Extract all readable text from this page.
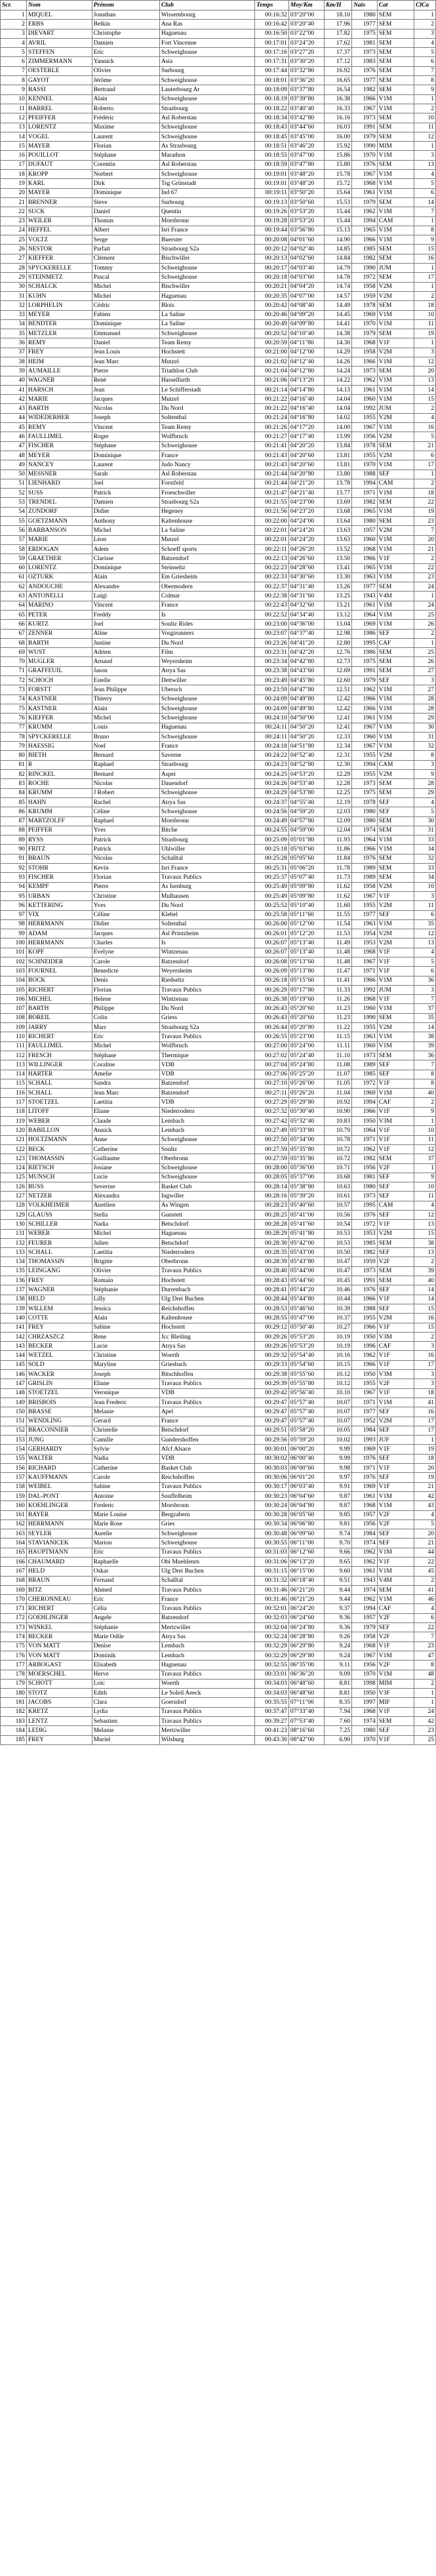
Scr.	Nom	Prénom	Club	Temps	Moy/Km	Km/H	Nais	Cat	ClCa
1	MIQUEL	Jonathan	Wissembourg	00:16:32	03°20"00	18.10	1980	SEM	1
2	ERBS	Belkin	Ana Ras	00:16:42	03°20"40	17.96	1977	SEM	2
3	DIEVART	Christophe	Haguenau	00:16:50	03°22"00	17.82	1975	SEM	3
4	AVRIL	Damien	Fort Vincenne	00:17:01	03°24"20	17.62	1981	SEM	4
5	STEFFEN	Eric	Schweighouse	00:17:16	03°27"20	17.37	1973	SEM	5
6	ZIMMERMANN	Yannick	Asia	00:17:31	03°30"20	17.12	1983	SEM	6
7	OESTERLE	Olivier	Surbourg	00:17:44	03°32"80	16.92	1976	SEM	7
8	GAYOT	Jérôme	Schweighouse	00:18:01	03°36"20	16.65	1977	SEM	8
9	BASSI	Bertrand	Lauterbourg Ar	00:18:09	03°37"80	16.54	1982	SEM	9
10	KENNEL	Alain	Schweighouse	00:18:19	03°39"80	16.38	1966	V1M	1
11	BARREL	Roberto	Strasbourg	00:18:22	03°40"40	16.33	1967	V1M	2
12	PFEIFFER	Frédéric	Asl Roberstau	00:18:34	03°42"80	16.16	1973	SEM	10
13	LORENTZ	Maxime	Schweighouse	00:18:43	03°44"60	16.03	1991	SEM	11
14	VOGEL	Laurent	Schweighouse	00:18:45	03°45"00	16.00	1979	SEM	12
15	MAYER	Florian	As Strasbourg	00:18:51	03°46"20	15.92	1990	MIM	1
16	POUILLOT	Stéphane	Marathon	00:18:55	03°47"00	15.86	1970	V1M	3
17	DUFAUT	Corentin	Asl Roberstau	00:18:59	03°47"80	15.80	1976	SEM	13
18	KROPP	Norbert	Schweighouse	00:19:01	03°48"20	15.78	1967	V1M	4
19	KARL	Dirk	Tsg Grünstadt	00:19:01	03°48"20	15.72	1968	V1M	5
20	MAYER	Dominique	Ind 67	00:19:11	03°50"20	15.64	1961	V1M	6
21	BRENNER	Steve	Surbourg	00:19:13	03°50"60	15.53	1979	SEM	14
22	SUCK	Daniel	Quentin	00:19:26	03°53"20	15.44	1962	V1M	7
23	WEILER	Thomas	Morsbronn	00:19:28	03°53"20	15.44	1994	CAM	1
24	HEFFEL	Albert	Isri France	00:19:44	03°56"80	15.13	1965	V1M	8
25	VOLTZ	Serge	Buerster	00:20:08	04°01"60	14.90	1966	V1M	9
26	NESTOR	Parfait	Strasbourg S2a	00:20:12	04°02"40	14.85	1985	SEM	15
27	KIEFFER	Clément	Bischwiller	00:20:13	04°02"60	14.84	1982	SEM	16
28	SPYCKERELLE	Tommy	Schweighouse	00:20:17	04°03"40	14.79	1990	JUM	1
29	STEINMETZ	Pascal	Schweighouse	00:20:18	04°03"60	14.78	1972	SEM	17
30	SCHALCK	Michel	Bischwiller	00:20:21	04°04"20	14.74	1958	V2M	1
31	KUHN	Michel	Haguenau	00:20:35	04°07"00	14.57	1959	V2M	2
32	LORPHELIN	Cédric	Blois	00:20:42	04°08"40	14.49	1978	SEM	18
33	MEYER	Fabien	La Saline	00:20:46	04°09"20	14.45	1969	V1M	10
34	BENDTER	Dominique	La Saline	00:20:49	04°09"80	14.41	1970	V1M	11
35	METZLER	Emmanuel	Schweighouse	00:20:52	04°10"40	14.38	1979	SEM	19
36	REMY	Daniel	Team Remy	00:20:59	04°11"80	14.30	1968	V1F	1
37	FREY	Jean Louis	Hochstett	00:21:00	04°12"00	14.29	1958	V2M	3
38	HEIM	Jean Marc	Mutzel	00:21:02	04°12"40	14.26	1966	V1M	12
39	AUMAILLE	Pierre	Triathlon Club	00:21:04	04°12"80	14.24	1973	SEM	20
40	WAGNER	René	Hasselfurth	00:21:06	04°13"20	14.22	1962	V1M	13
41	HARSCH	Jean	Le Schifferstadt	00:21:14	04°14"80	14.13	1961	V1M	14
42	MARIE	Jacques	Mutzel	00:21:22	04°16"40	14.04	1960	V1M	15
43	BARTH	Nicolas	Du Nord	00:21:22	04°16"40	14.04	1992	JUM	2
44	WIDEDERHER	Joseph	Soltenthal	00:21:24	04°16"80	14.02	1955	V2M	4
45	REMY	Vincent	Team Remy	00:21:26	04°17"20	14.00	1967	V1M	16
46	FAULLIMEL	Roger	Wolfbruch	00:21:27	04°17"40	13.99	1956	V2M	5
47	FISCHER	Stéphane	Schweighouse	00:21:41	04°20"20	13.84	1978	SEM	21
48	MEYER	Dominique	France	00:21:43	04°20"60	13.81	1955	V2M	6
49	NANCEY	Laurent	Judo Nancy	00:21:43	04°20"60	13.81	1970	V1M	17
50	MESSNER	Sarah	Asl Roberstau	00:21:44	04°20"80	13.80	1988	SEF	1
51	LIENHARD	Joel	Forstfeld	00:21:44	04°21"20	13.78	1994	CAM	2
52	SUSS	Patrick	Froeschwiller	00:21:47	04°21"40	13.77	1971	V1M	18
53	TRENDEL	Damien	Strasbourg S2a	00:21:55	04°23"00	13.69	1982	SEM	22
54	ZUNDORF	Didier	Hegeney	00:21:56	04°23"20	13.68	1965	V1M	19
55	GOETZMANN	Anthony	Kaltenhouse	00:22:00	04°24"00	13.64	1980	SEM	23
56	BARBANSON	Michel	La Saline	00:22:01	04°24"20	13.63	1957	V2M	7
57	MARIE	Léon	Mutzel	00:22:01	04°24"20	13.63	1960	V1M	20
58	ERDOGAN	Adem	Schoeff sports	00:22:11	04°26"20	13.52	1968	V1M	21
59	GRAETHER	Clarisse	Batzendorf	00:22:13	04°26"60	13.50	1966	V1F	2
60	LORENTZ	Dominique	Steinseltz	00:22:23	04°28"60	13.41	1965	V1M	22
61	OZTURK	Alain	Em Griesheim	00:22:33	04°30"60	13.30	1963	V1M	23
62	ANDOUCHE	Alexandre	Obermodern	00:22:37	04°31"40	13.26	1977	SEM	24
63	ANTONELLI	Luigi	Colmar	00:22:38	04°31"60	13.25	1943	V4M	1
64	MARINO	Vincent	France	00:22:43	04°32"60	13.21	1961	V1M	24
65	PETER	Freddy	Is	00:22:52	04°34"40	13.12	1964	V1M	25
66	KURTZ	Joel	Soultz Rides	00:23:00	04°36"00	13.04	1969	V1M	26
67	ZENNER	Aline	Vosgirunners	00:23:07	04°37"40	12.98	1986	SEF	2
68	BARTH	Justine	Du Nord	00:23:26	04°41"20	12.80	1995	CAF	1
69	WUST	Adrien	Film	00:23:31	04°42"20	12.76	1986	SEM	25
70	MUGLER	Arnaud	Weyersheim	00:23:34	04°42"80	12.73	1975	SEM	26
71	GRAFFEUIL	Jason	Atrya Sas	00:23:38	04°43"60	12.69	1991	SEM	27
72	SCHOCH	Estelle	Dettwiller	00:23:49	04°45"80	12.60	1979	SEF	3
73	FORSTT	Jean Philippe	Ubersch	00:23:59	04°47"80	12.51	1962	V1M	27
74	KASTNER	Thierry	Schweighouse	00:24:09	04°49"80	12.42	1966	V1M	28
75	KASTNER	Alain	Schweighouse	00:24:09	04°49"80	12.42	1966	V1M	28
76	KIEFFER	Michel	Schweighouse	00:24:10	04°50"00	12.41	1961	V1M	29
77	KRUMM	Louis	Haguenau	00:24:11	04°50"20	12.41	1967	V1M	30
78	SPYCKERELLE	Bruno	Schweighouse	00:24:11	04°50"20	12.33	1960	V1M	31
79	HAESSIG	Noel	France	00:24:18	04°51"80	12.34	1967	V1M	32
80	BIETH	Bernard	Saverne	00:24:22	04°52"40	12.31	1955	V2M	8
81	R	Raphael	Strasbourg	00:24:23	04°52"80	12.30	1994	CAM	3
82	RINCKEL	Bernard	Aspei	00:24:25	04°53"20	12.29	1955	V2M	9
83	ROCHE	Nicolas	Dauendorf	00:24:26	04°53"40	12.28	1973	SEM	28
84	KRUMM	J Robert	Schweighouse	00:24:29	04°53"80	12.25	1975	SEM	29
85	HAHN	Rachel	Atrya Sas	00:24:37	04°55"40	12.19	1978	SEF	4
86	KRUMM	Céline	Schweighouse	00:24:56	04°59"20	12.03	1980	SEF	5
87	MARTZOLFF	Raphael	Morsbronn	00:24:49	04°57"80	12.09	1980	SEM	30
88	PEIFFER	Yves	Bitche	00:24:55	04°59"00	12.04	1974	SEM	31
89	RYSS	Patrick	Strasbourg	00:25:09	05°01"80	11.93	1964	V1M	33
90	FRITZ	Patrick	Uhlwiller	00:25:18	05°03"60	11.86	1966	V1M	34
91	BRAUN	Nicolas	Schalltal	00:25:28	05°05"60	11.84	1976	SEM	32
92	STOHR	Kevin	Isri France	00:25:31	05°06"20	11.78	1989	SEM	33
93	FISCHER	Florian	Travaux Publics	00:25:37	05°07"40	11.73	1989	SEM	34
94	KEMPF	Pierre	As Isenburg	00:25:49	05°09"80	11.62	1958	V2M	10
95	URBAN	Christine	Mulhausen	00:25:49	05°09"80	11.62	1967	V1F	3
96	KETTERING	Yves	Du Nord	00:25:52	05°10"40	11.60	1955	V2M	11
97	VIX	Céline	Klebel	00:25:58	05°11"60	11.55	1977	SEF	6
98	HERRMANN	Didier	Soltenthal	00:26:00	05°12"00	11.54	1963	V1M	35
99	ADAM	Jacques	Asl Printzheim	00:26:01	05°12"20	11.53	1954	V2M	12
100	HERRMANN	Charles	Is	00:26:07	05°13"40	11.49	1953	V2M	13
101	KOPF	Evelyne	Wintzenau	00:26:07	05°13"40	11.48	1968	V1F	4
102	SCHNEIDER	Carole	Batzendorf	00:26:08	05°13"60	11.48	1967	V1F	5
103	FOURNEL	Benedicte	Weyersheim	00:26:09	05°13"80	11.47	1971	V1F	6
104	BOCK	Denis	Riedseltz	00:26:18	05°15"60	11.41	1966	V1M	36
105	RICHERT	Florian	Travaux Publics	00:26:29	05°17"80	11.33	1992	JUM	3
106	MICHEL	Helene	Wintzenau	00:26:38	05°19"60	11.26	1968	V1F	7
107	BARTH	Philippe	Du Nord	00:26:43	05°20"60	11.23	1960	V1M	37
108	BOREIL	Colin	Griess	00:26:43	05°20"60	11.23	1990	SEM	35
109	JARRY	Marc	Strasbourg S2a	00:26:44	05°20"80	11.22	1955	V2M	14
110	RICHERT	Eric	Travaux Publics	00:26:55	05°23"00	11.15	1963	V1M	38
111	FAULLIMEL	Michel	Wolfbruch	00:27:00	05°24"00	11.11	1960	V1M	39
112	FRESCH	Stéphane	Thermique	00:27:02	05°24"40	11.10	1973	SEM	36
113	WILLINGER	Coraline	VDB	00:27:04	05°24"80	11.08	1989	SEF	7
114	HARTER	Amelie	VDB	00:27:06	05°25"20	11.07	1985	SEF	8
115	SCHALL	Sandra	Batzendorf	00:27:10	05°26"00	11.05	1972	V1F	8
116	SCHALL	Jean Marc	Batzendorf	00:27:11	05°26"20	11.04	1969	V1M	40
117	STOETZEL	Laetitia	VDB	00:27:29	05°29"80	10.92	1994	CAF	2
118	LITOFF	Eliane	Niederrodern	00:27:32	05°30"40	10.90	1966	V1F	9
119	WEBER	Claude	Lembach	00:27:42	05°32"40	10.83	1950	V3M	1
120	BABILLON	Annick	Lembach	00:27:49	05°33"80	10.79	1964	V1F	10
121	HOLTZMANN	Anne	Schweighouse	00:27:50	05°34"00	10.78	1971	V1F	11
122	BECK	Catherine	Soultz	00:27:59	05°35"80	10.72	1962	V1F	12
123	THOMASSIN	Guillaume	Oberbronn	00:27:59	05°35"80	10.72	1982	SEM	37
124	RIETSCH	Josiane	Schweighouse	00:28:00	05°36"00	10.71	1956	V2F	1
125	MUNSCH	Lucie	Schweighouse	00:28:05	05°37"00	10.68	1981	SEF	9
126	BUSS	Severine	Basket Club	00:28:14	05°38"80	10.63	1980	SEF	10
127	NETZER	Alexandra	Ingwiller	00:28:16	05°39"20	10.61	1973	SEF	11
128	VOLKHEIMER	Aurélien	As Wingen	00:28:23	05°40"60	10.57	1995	CAM	4
129	GLAUSS	Stella	Gunstett	00:28:25	05°41"00	10.56	1976	SEF	12
130	SCHILLER	Nadia	Betschdorf	00:28:28	05°41"60	10.54	1972	V1F	13
131	WEBER	Michel	Haguenau	00:28:29	05°41"80	10.53	1953	V2M	15
132	FEURER	Julien	Betschdorf	00:28:30	05°42"00	10.53	1985	SEM	38
133	SCHALL	Laetitia	Niederrodern	00:28:35	05°43"00	10.50	1982	SEF	13
134	THOMASSIN	Brigitte	Oberbronn	00:28:39	05°43"80	10.47	1959	V2F	2
135	LEINGANG	Olivier	Travaux Publics	00:28:40	05°44"00	10.47	1973	SEM	39
136	FREY	Romain	Hochstett	00:28:43	05°44"60	10.45	1991	SEM	40
137	WAGNER	Stéphanie	Durrenbach	00:28:41	05°44"20	10.46	1976	SEF	14
138	HELD	Lilly	Ulg Drei Buchen	00:28:44	05°44"80	10.44	1966	V1F	14
139	WILLEM	Jessica	Reichshoffen	00:28:53	05°46"60	10.39	1988	SEF	15
140	COTTE	Alain	Kaltenhouse	00:28:55	05°47"00	10.37	1955	V2M	16
141	FREY	Sabine	Hochstett	00:29:12	05°50"40	10.27	1966	V1F	15
142	CHRZASZCZ	Rene	Jcc Bleiling	00:29:26	05°53"20	10.19	1950	V3M	2
143	BECKER	Lucie	Atrya Sas	00:29:26	05°53"20	10.19	1996	CAF	3
144	WETZEL	Christine	Woerth	00:29:32	05°54"40	10.16	1962	V1F	16
145	SOLD	Maryline	Griesbach	00:29:33	05°54"60	10.15	1966	V1F	17
146	WACKER	Joseph	Bitschhoffen	00:29:38	05°55"60	10.12	1950	V3M	3
147	GRISLIN	Eliane	Travaux Publics	00:29:39	05°55"80	10.12	1955	V2F	3
148	STOETZEL	Veronique	VDB	00:29:42	05°56"40	10.10	1967	V1F	18
149	BRISBOIS	Jean Frederic	Travaux Publics	00:29:47	05°57"40	10.07	1971	V1M	41
150	BRASSE	Melanie	Apel	00:29:47	05°57"40	10.07	1977	SEF	16
151	WENDLING	Gerard	France	00:29:47	05°57"40	10.07	1952	V2M	17
152	BRACONNIER	Christelle	Betschdorf	00:29:51	05°58"20	10.05	1984	SEF	17
153	JUNG	Camille	Gundershoffen	00:29:56	05°59"20	10.02	1993	JUF	1
154	GERHARDY	Sylvie	Afcf Alsace	00:30:01	06°00"20	9.99	1969	V1F	19
155	WALTER	Nadia	VDB	00:30:02	06°00"40	9.99	1976	SEF	18
156	RICHARD	Catherine	Basket Club	00:30:03	06°00"60	9.98	1971	V1F	20
157	KAUFFMANN	Carole	Reichshoffen	00:30:06	06°01"20	9.97	1976	SEF	19
158	WEIBEL	Sabine	Travaux Publics	00:30:17	06°03"40	9.91	1969	V1F	21
159	DAL-PONT	Antoine	Souffelheim	00:30:23	06°04"60	9.87	1961	V1M	42
160	KOEHLINGER	Frederic	Morsbronn	00:30:24	06°04"80	9.87	1968	V1M	43
161	BAYER	Marie Louise	Bergzabern	00:30:28	06°05"60	9.85	1957	V2F	4
162	HERRMANN	Marie Rose	Gries	00:30:34	06°06"80	9.81	1956	V2F	5
163	SEYLER	Aurelie	Schweighouse	00:30:48	06°09"60	9.74	1984	SEF	20
164	STAVIANICEK	Marion	Schweighouse	00:30:55	06°11"00	9.70	1974	SEF	21
165	HAUPTMANN	Eric	Travaux Publics	00:31:03	06°12"60	9.66	1962	V1M	44
166	CHAUMARD	Raphaelle	Obi Muehlenrn	00:31:06	06°13"20	9.65	1962	V1F	22
167	HELD	Oskar	Ulg Drei Buchen	00:31:15	06°15"00	9.60	1961	V1M	45
168	BRAUN	Fernand	Schalltal	00:31:32	06°18"40	9.51	1943	V4M	2
169	BITZ	Ahmed	Travaux Publics	00:31:46	06°21"20	9.44	1974	SEM	41
170	CHERONNEAU	Eric	France	00:31:46	06°21"20	9.44	1962	V1M	46
171	RICHERT	Célia	Travaux Publics	00:32:01	06°24"20	9.37	1994	CAF	4
172	GOEHLINGER	Angele	Batzendorf	00:32:03	06°24"60	9.36	1957	V2F	6
173	WINKEL	Stéphanie	Mertzwiller	00:32:04	06°24"80	9.36	1979	SEF	22
174	BECKER	Marie Odile	Atrya Sas	00:32:24	06°28"80	9.26	1958	V2F	7
175	VON MATT	Denise	Lembach	00:32:29	06°29"80	9.24	1968	V1F	23
176	VON MATT	Dominik	Lembach	00:32:29	06°29"80	9.24	1967	V1M	47
177	ARBOGAST	Elisabeth	Haguenau	00:32:55	06°35"00	9.11	1956	V2F	8
178	MOERSCHEL	Herve	Travaux Publics	00:33:01	06°36"20	9.09	1970	V1M	48
179	SCHOTT	Loic	Woerth	00:34:03	06°48"60	8.81	1998	MIM	2
180	STOTZ	Edith	Le Soleil Aeeck	00:34:03	06°48"60	8.81	1950	V3F	1
181	JACOBS	Clara	Goersdorf	00:35:55	07°11"00	8.35	1997	MIF	1
182	KRETZ	Lydia	Travaux Publics	00:37:47	07°33"40	7.94	1968	V1F	24
183	LENTZ	Sebastien	Travaux Publics	00:39:27	07°53"40	7.60	1974	SEM	42
184	LEDIG	Melanie	Mertzwiller	00:41:23	08°16"60	7.25	1980	SEF	23
185	FREY	Muriel	Wilsburg	00:43:30	08°42"00	6.90	1970	V1F	25
